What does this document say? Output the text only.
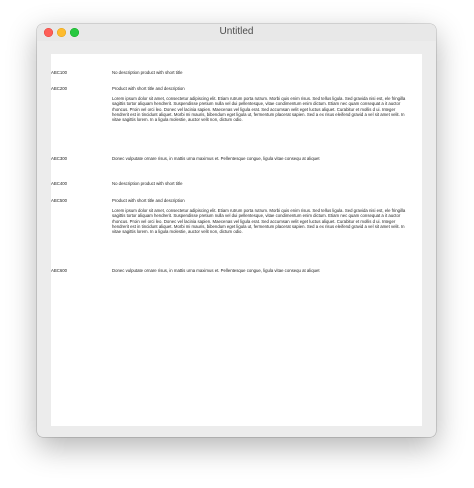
Untitled
ABC100	No description product with short title
ABC200	Product with short title and description
Lorem ipsum dolor sit amet, consectetur adipiscing elit. Etiam rutrum porta rutrum. Morbi quis enim risus. Sed tellus ligula. Sed gravida nisi est, ele fringilla sagittis tortor aliquam hendrerit. Suspendisse pretium nulla vel dui pellentesque, vitae condimentum enim dictum. Etiam nec quam consequat a it auctor rhoncus. Proin vel orci leo. Donec vel lacinia sapien. Maecenas vel ligula erat. Sed accumsan velit eget luctus aliquet. Curabitur et mollis d ui. Integer hendrerit est in tincidunt aliquet. Morbi mi mauris, bibendum eget ligula ut, fermentum placerat sapien. Sed a ex risus eleifend gravid a vel sit amet velit. In vitae sagittis lorem. In a ligula molestie, auctor velit non, dictum odio.
ABC300	Donec vulputate ornare risus, in mattis urna maximus et. Pellentesque congue, ligula vitae consequ at aliquet
ABC400	No description product with short title
ABC500	Product with short title and description
Lorem ipsum dolor sit amet, consectetur adipiscing elit. Etiam rutrum porta rutrum. Morbi quis enim risus. Sed tellus ligula. Sed gravida nisi est, ele fringilla sagittis tortor aliquam hendrerit. Suspendisse pretium nulla vel dui pellentesque, vitae condimentum enim dictum. Etiam nec quam consequat a it auctor rhoncus. Proin vel orci leo. Donec vel lacinia sapien. Maecenas vel ligula erat. Sed accumsan velit eget luctus aliquet. Curabitur et mollis d ui. Integer hendrerit est in tincidunt aliquet. Morbi mi mauris, bibendum eget ligula ut, fermentum placerat sapien. Sed a ex risus eleifend gravid a vel sit amet velit. In vitae sagittis lorem. In a ligula molestie, auctor velit non, dictum odio.
ABC600	Donec vulputate ornare risus, in mattis urna maximus et. Pellentesque congue, ligula vitae consequ at aliquet
